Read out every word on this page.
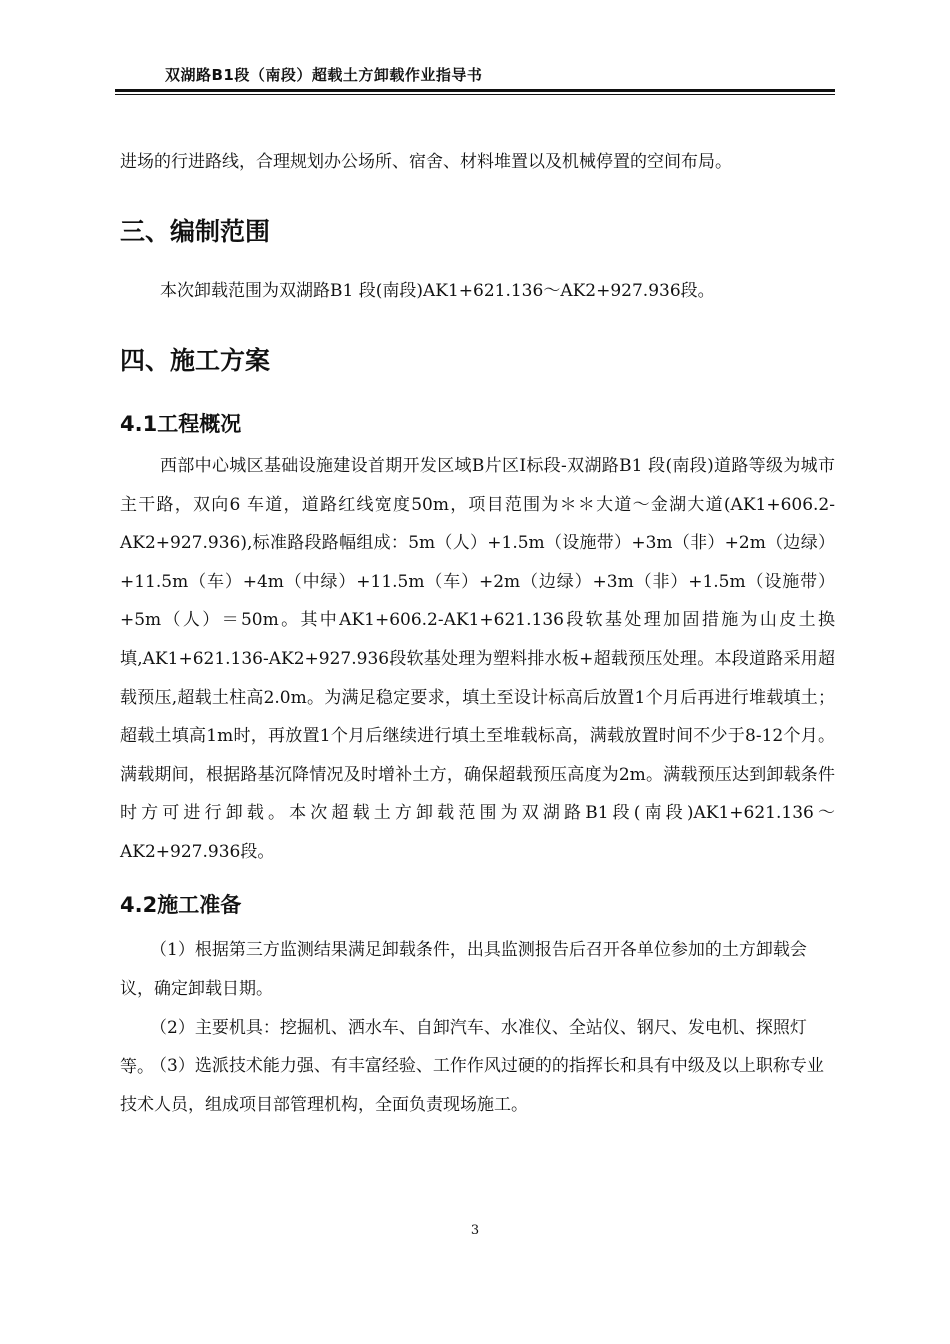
双湖路B1段（南段）超载土方卸载作业指导书
进场的行进路线，合理规划办公场所、宿舍、材料堆置以及机械停置的空间布局。
三、编制范围
本次卸载范围为双湖路B1 段(南段)AK1+621.136～AK2+927.936段。
四、施工方案
4.1工程概况
西部中心城区基础设施建设首期开发区域B片区Ⅰ标段-双湖路B1 段(南段)道路等级为城市主干路，双向6 车道，道路红线宽度50m，项目范围为＊＊大道～金湖大道(AK1+606.2-AK2+927.936),标准路段路幅组成：5m（人）+1.5m（设施带）+3m（非）+2m（边绿）+11.5m（车）+4m（中绿）+11.5m（车）+2m（边绿）+3m（非）+1.5m（设施带）+5m（人）＝50m。其中AK1+606.2-AK1+621.136段软基处理加固措施为山皮土换填,AK1+621.136-AK2+927.936段软基处理为塑料排水板+超载预压处理。本段道路采用超载预压,超载土柱高2.0m。为满足稳定要求，填土至设计标高后放置1个月后再进行堆载填土；超载土填高1m时，再放置1个月后继续进行填土至堆载标高，满载放置时间不少于8-12个月。满载期间，根据路基沉降情况及时增补土方，确保超载预压高度为2m。满载预压达到卸载条件时方可进行卸载。本次超载土方卸载范围为双湖路B1段(南段)AK1+621.136～AK2+927.936段。
4.2施工准备
（1）根据第三方监测结果满足卸载条件，出具监测报告后召开各单位参加的土方卸载会议，确定卸载日期。
（2）主要机具：挖掘机、洒水车、自卸汽车、水准仪、全站仪、钢尺、发电机、探照灯等。
（3）选派技术能力强、有丰富经验、工作作风过硬的的指挥长和具有中级及以上职称专业技术人员，组成项目部管理机构，全面负责现场施工。
3
